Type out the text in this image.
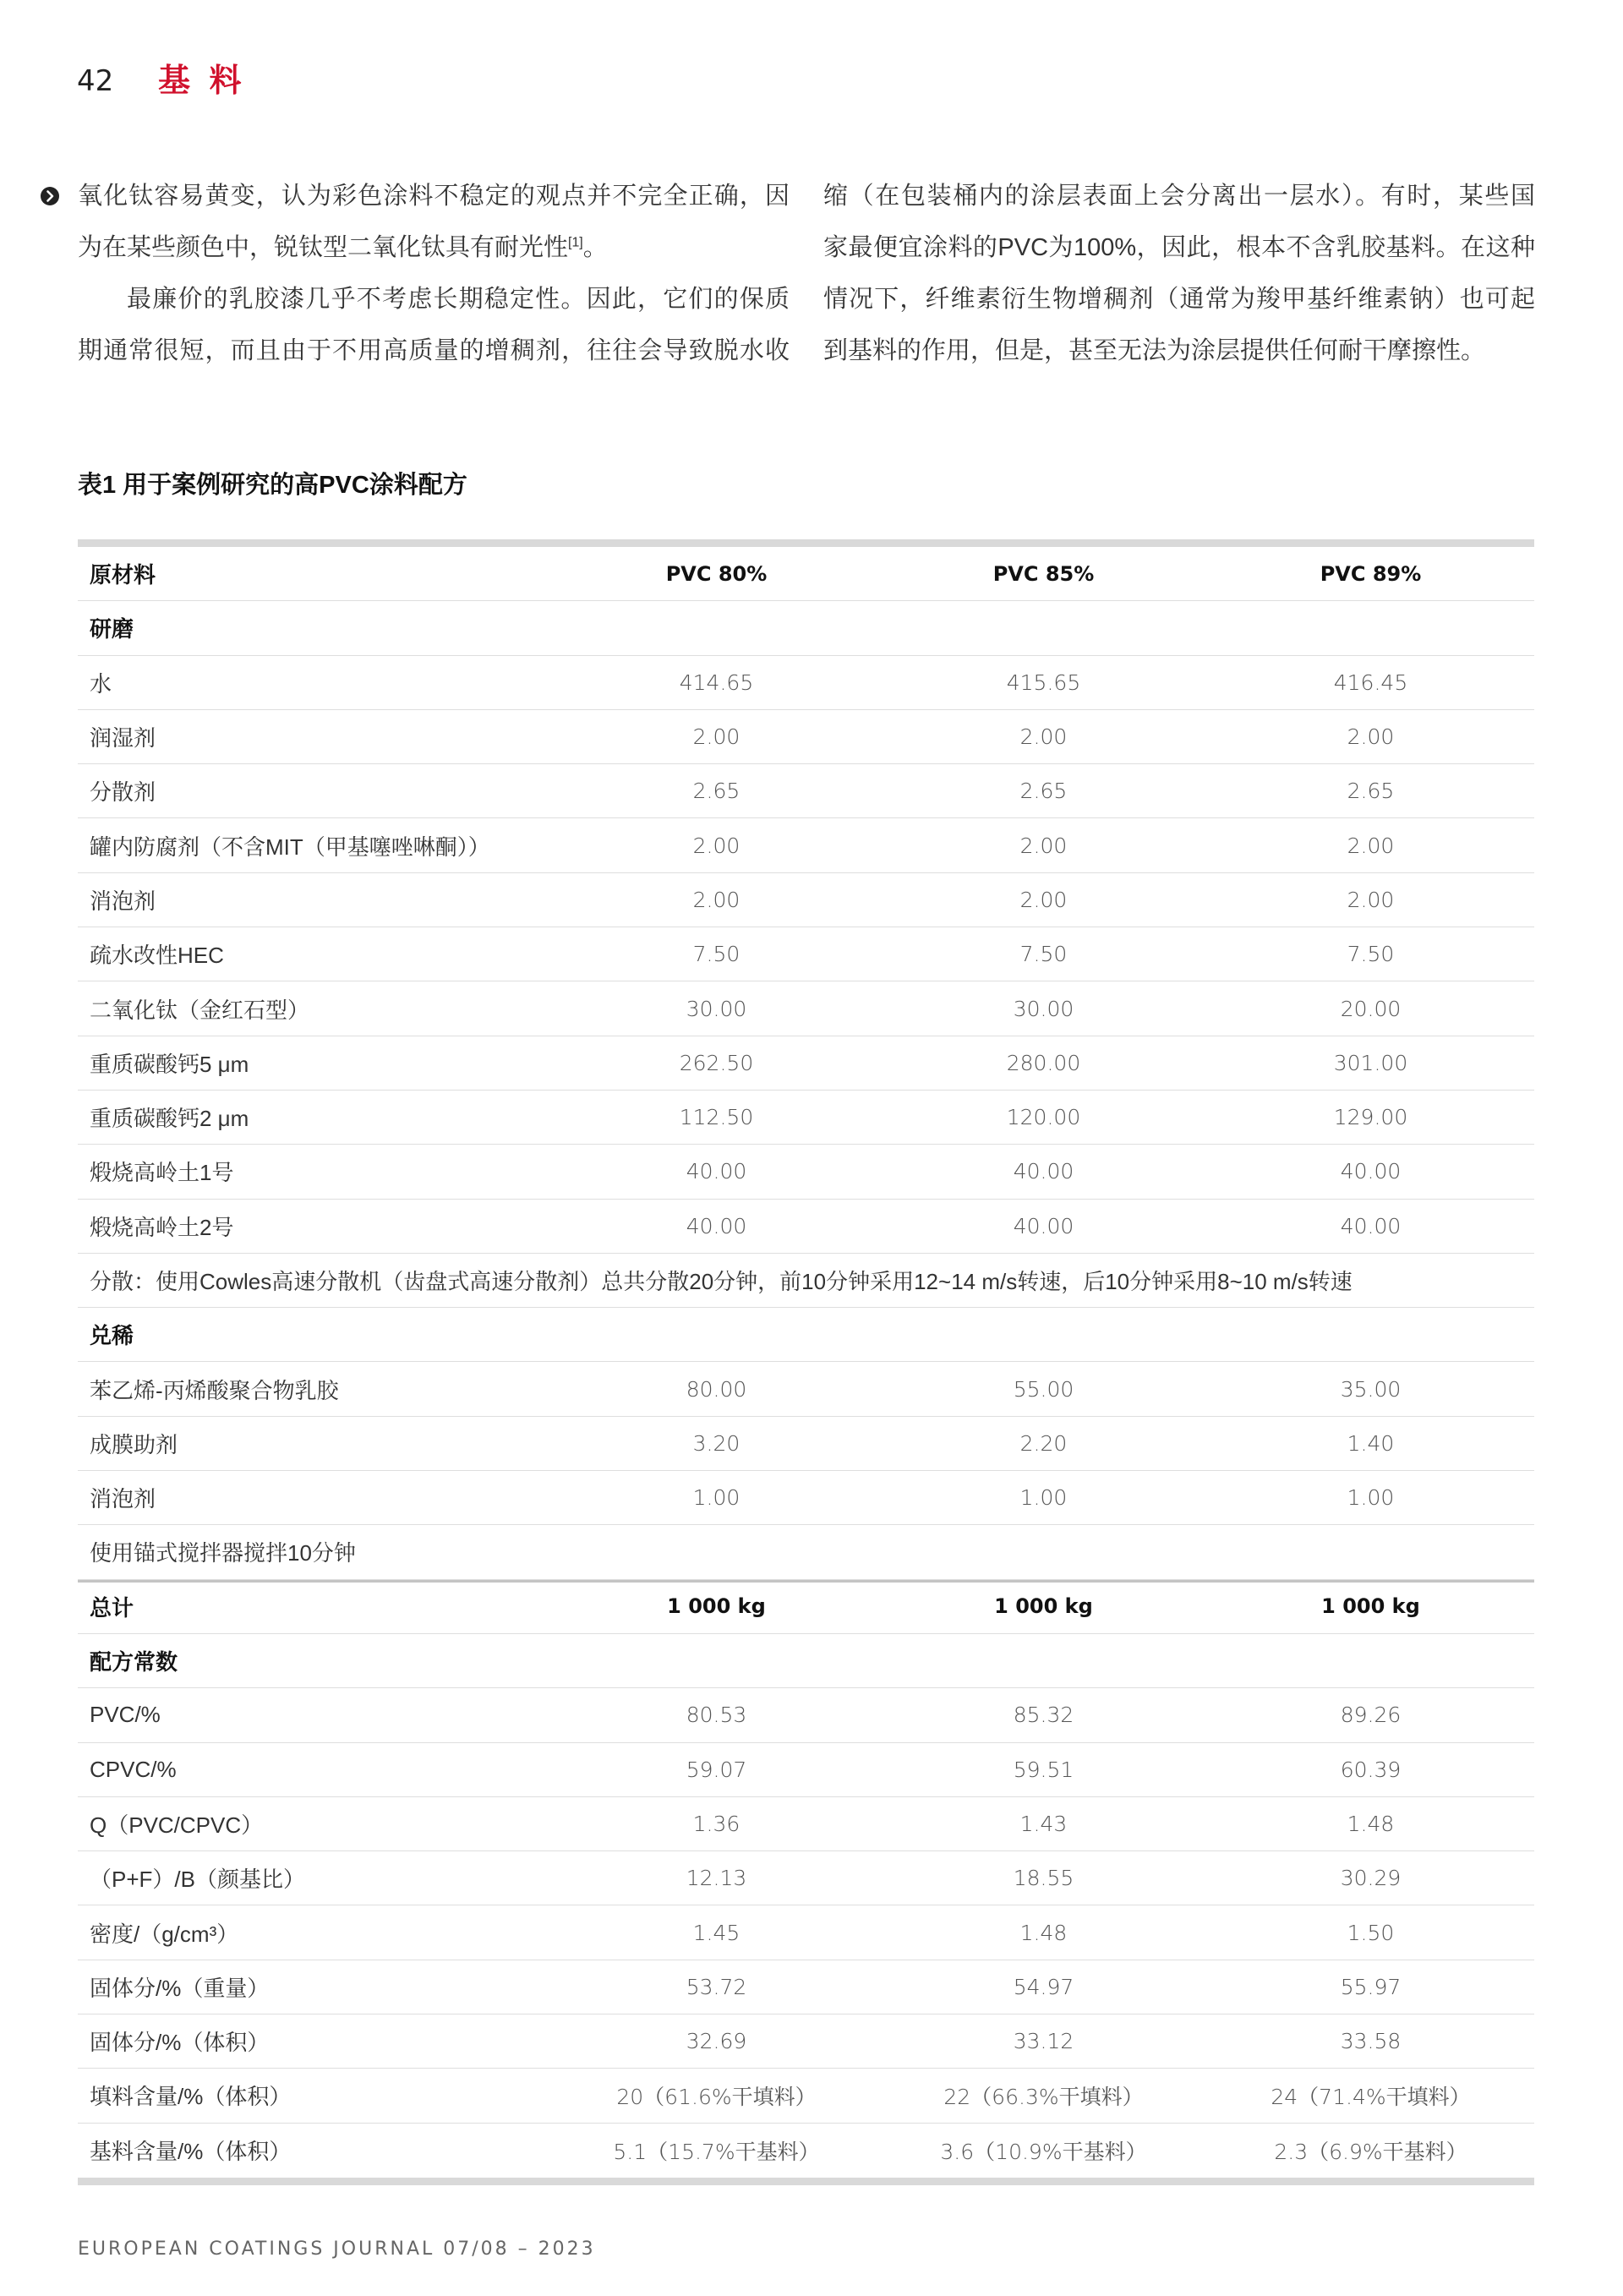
42 基 料
氧化钛容易黄变，认为彩色涂料不稳定的观点并不完全正确，因
为在某些颜色中，锐钛型二氧化钛具有耐光性[1]。
最廉价的乳胶漆几乎不考虑长期稳定性。因此，它们的保质
期通常很短，而且由于不用高质量的增稠剂，往往会导致脱水收
缩（在包装桶内的涂层表面上会分离出一层水）。有时，某些国
家最便宜涂料的PVC为100%，因此，根本不含乳胶基料。在这种
情况下，纤维素衍生物增稠剂（通常为羧甲基纤维素钠）也可起
到基料的作用，但是，甚至无法为涂层提供任何耐干摩擦性。
表1 用于案例研究的高PVC涂料配方
原材料	PVC 80%	PVC 85%	PVC 89%
研磨
水	414.65	415.65	416.45
润湿剂	2.00	2.00	2.00
分散剂	2.65	2.65	2.65
罐内防腐剂（不含MIT（甲基噻唑啉酮））	2.00	2.00	2.00
消泡剂	2.00	2.00	2.00
疏水改性HEC	7.50	7.50	7.50
二氧化钛（金红石型）	30.00	30.00	20.00
重质碳酸钙5 μm	262.50	280.00	301.00
重质碳酸钙2 μm	112.50	120.00	129.00
煅烧高岭土1号	40.00	40.00	40.00
煅烧高岭土2号	40.00	40.00	40.00
分散：使用Cowles高速分散机（齿盘式高速分散剂）总共分散20分钟，前10分钟采用12~14 m/s转速，后10分钟采用8~10 m/s转速
兑稀
苯乙烯-丙烯酸聚合物乳胶	80.00	55.00	35.00
成膜助剂	3.20	2.20	1.40
消泡剂	1.00	1.00	1.00
使用锚式搅拌器搅拌10分钟
总计	1 000 kg	1 000 kg	1 000 kg
配方常数
PVC/%	80.53	85.32	89.26
CPVC/%	59.07	59.51	60.39
Q（PVC/CPVC）	1.36	1.43	1.48
（P+F）/B（颜基比）	12.13	18.55	30.29
密度/（g/cm³）	1.45	1.48	1.50
固体分/%（重量）	53.72	54.97	55.97
固体分/%（体积）	32.69	33.12	33.58
填料含量/%（体积）	20（61.6%干填料）	22（66.3%干填料）	24（71.4%干填料）
基料含量/%（体积）	5.1（15.7%干基料）	3.6（10.9%干基料）	2.3（6.9%干基料）
EUROPEAN COATINGS JOURNAL 07/08 – 2023
